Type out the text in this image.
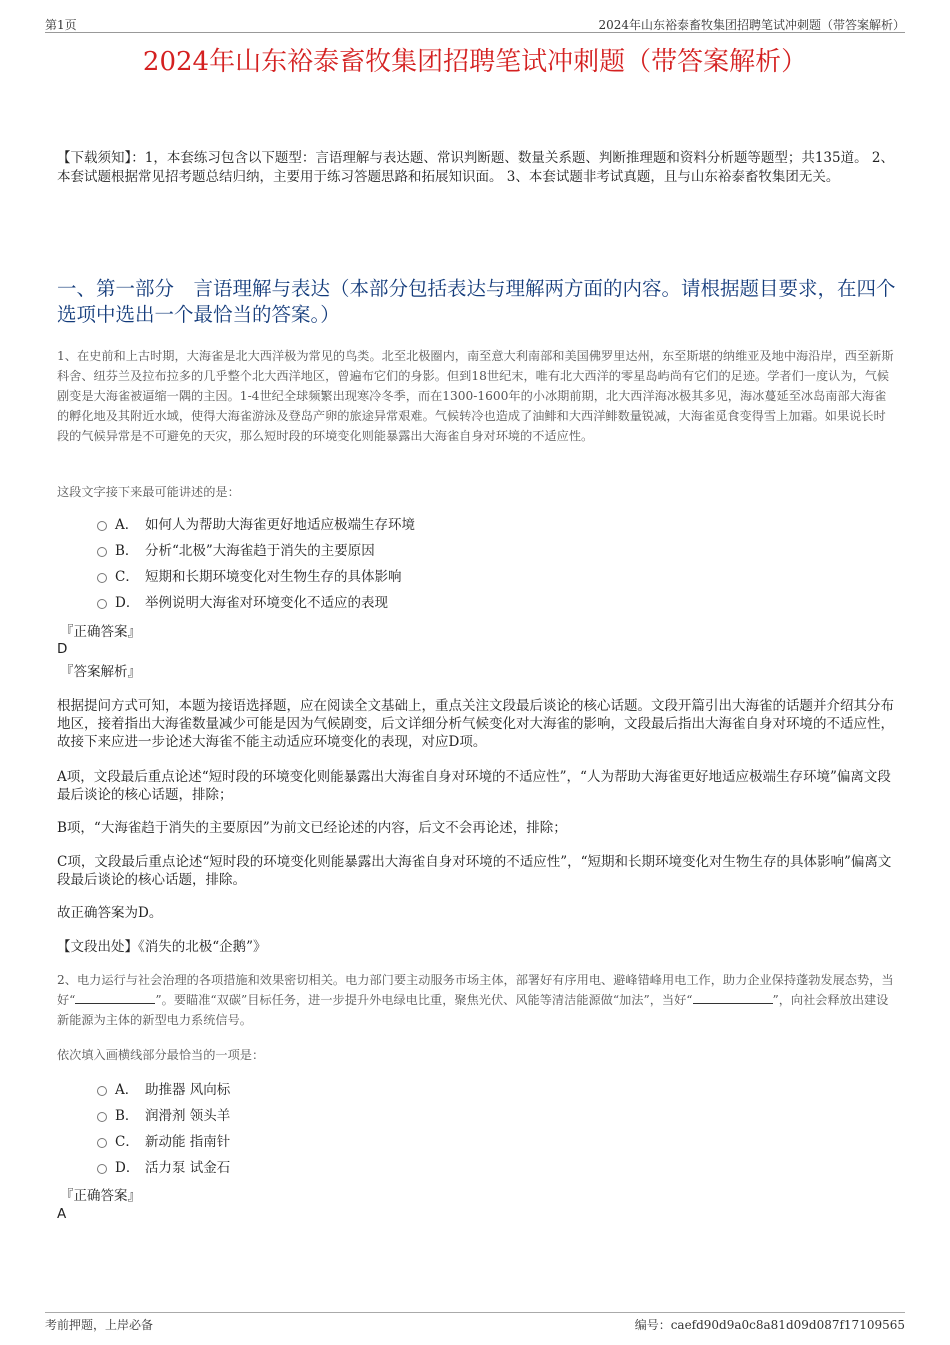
第1页	2024年山东裕泰畜牧集团招聘笔试冲刺题（带答案解析）
2024年山东裕泰畜牧集团招聘笔试冲刺题（带答案解析）
【下载须知】：1，本套练习包含以下题型：言语理解与表达题、常识判断题、数量关系题、判断推理题和资料分析题等题型；共135道。 2、本套试题根据常见招考题总结归纳，主要用于练习答题思路和拓展知识面。 3、本套试题非考试真题，且与山东裕泰畜牧集团无关。
一、第一部分　言语理解与表达（本部分包括表达与理解两方面的内容。请根据题目要求，在四个选项中选出一个最恰当的答案。）
1、在史前和上古时期，大海雀是北大西洋极为常见的鸟类。北至北极圈内，南至意大利南部和美国佛罗里达州，东至斯堪的纳维亚及地中海沿岸，西至新斯科舍、纽芬兰及拉布拉多的几乎整个北大西洋地区，曾遍布它们的身影。但到18世纪末，唯有北大西洋的零星岛屿尚有它们的足迹。学者们一度认为，气候剧变是大海雀被逼缩一隅的主因。1-4世纪全球频繁出现寒冷冬季，而在1300-1600年的小冰期前期，北大西洋海冰极其多见，海冰蔓延至冰岛南部大海雀的孵化地及其附近水域，使得大海雀游泳及登岛产卵的旅途异常艰难。气候转冷也造成了油鲱和大西洋鲱数量锐减，大海雀觅食变得雪上加霜。如果说长时段的气候异常是不可避免的天灾，那么短时段的环境变化则能暴露出大海雀自身对环境的不适应性。
这段文字接下来最可能讲述的是：
A． 如何人为帮助大海雀更好地适应极端生存环境
B． 分析“北极”大海雀趋于消失的主要原因
C． 短期和长期环境变化对生物生存的具体影响
D． 举例说明大海雀对环境变化不适应的表现
『正确答案』
D
『答案解析』
根据提问方式可知，本题为接语选择题，应在阅读全文基础上，重点关注文段最后谈论的核心话题。文段开篇引出大海雀的话题并介绍其分布地区，接着指出大海雀数量减少可能是因为气候剧变，后文详细分析气候变化对大海雀的影响，文段最后指出大海雀自身对环境的不适应性，故接下来应进一步论述大海雀不能主动适应环境变化的表现，对应D项。
A项，文段最后重点论述“短时段的环境变化则能暴露出大海雀自身对环境的不适应性”，“人为帮助大海雀更好地适应极端生存环境”偏离文段最后谈论的核心话题，排除；
B项，“大海雀趋于消失的主要原因”为前文已经论述的内容，后文不会再论述，排除；
C项，文段最后重点论述“短时段的环境变化则能暴露出大海雀自身对环境的不适应性”，“短期和长期环境变化对生物生存的具体影响”偏离文段最后谈论的核心话题，排除。
故正确答案为D。
【文段出处】《消失的北极“企鹅”》
2、电力运行与社会治理的各项措施和效果密切相关。电力部门要主动服务市场主体，部署好有序用电、避峰错峰用电工作，助力企业保持蓬勃发展态势，当好“	”。要瞄准“双碳”目标任务，进一步提升外电绿电比重，聚焦光伏、风能等清洁能源做“加法”，当好“	”，向社会释放出建设新能源为主体的新型电力系统信号。
依次填入画横线部分最恰当的一项是：
A． 助推器 风向标
B． 润滑剂 领头羊
C． 新动能 指南针
D． 活力泵 试金石
『正确答案』
A
考前押题，上岸必备	编号：caefd90d9a0c8a81d09d087f17109565
